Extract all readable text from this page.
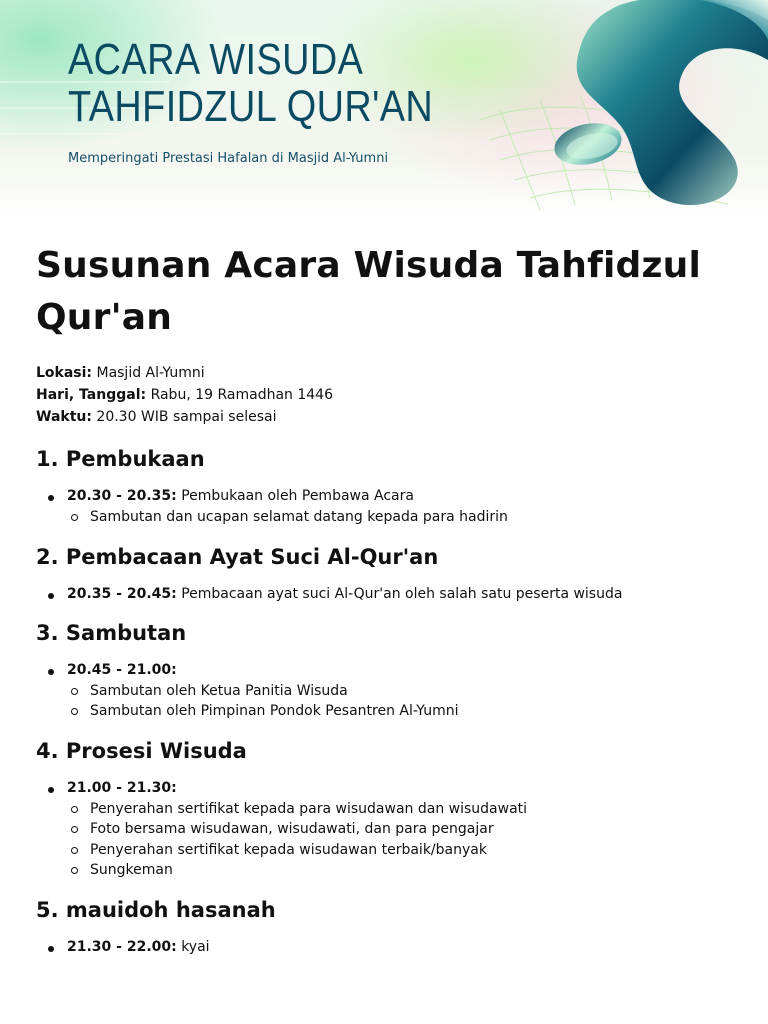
ACARA WISUDA
TAHFIDZUL QUR'AN

Memperingati Prestasi Hafalan di Masjid Al-Yumni

Susunan Acara Wisuda Tahfidzul Qur'an
Lokasi: Masjid Al-Yumni
Hari, Tanggal: Rabu, 19 Ramadhan 1446
Waktu: 20.30 WIB sampai selesai
1. Pembukaan
20.30 - 20.35: Pembukaan oleh Pembawa Acara
Sambutan dan ucapan selamat datang kepada para hadirin
2. Pembacaan Ayat Suci Al-Qur'an
20.35 - 20.45: Pembacaan ayat suci Al-Qur'an oleh salah satu peserta wisuda
3. Sambutan
20.45 - 21.00:
Sambutan oleh Ketua Panitia Wisuda
Sambutan oleh Pimpinan Pondok Pesantren Al-Yumni
4. Prosesi Wisuda
21.00 - 21.30:
Penyerahan sertifikat kepada para wisudawan dan wisudawati
Foto bersama wisudawan, wisudawati, dan para pengajar
Penyerahan sertifikat kepada wisudawan terbaik/banyak
Sungkeman
5. mauidoh hasanah
21.30 - 22.00: kyai
